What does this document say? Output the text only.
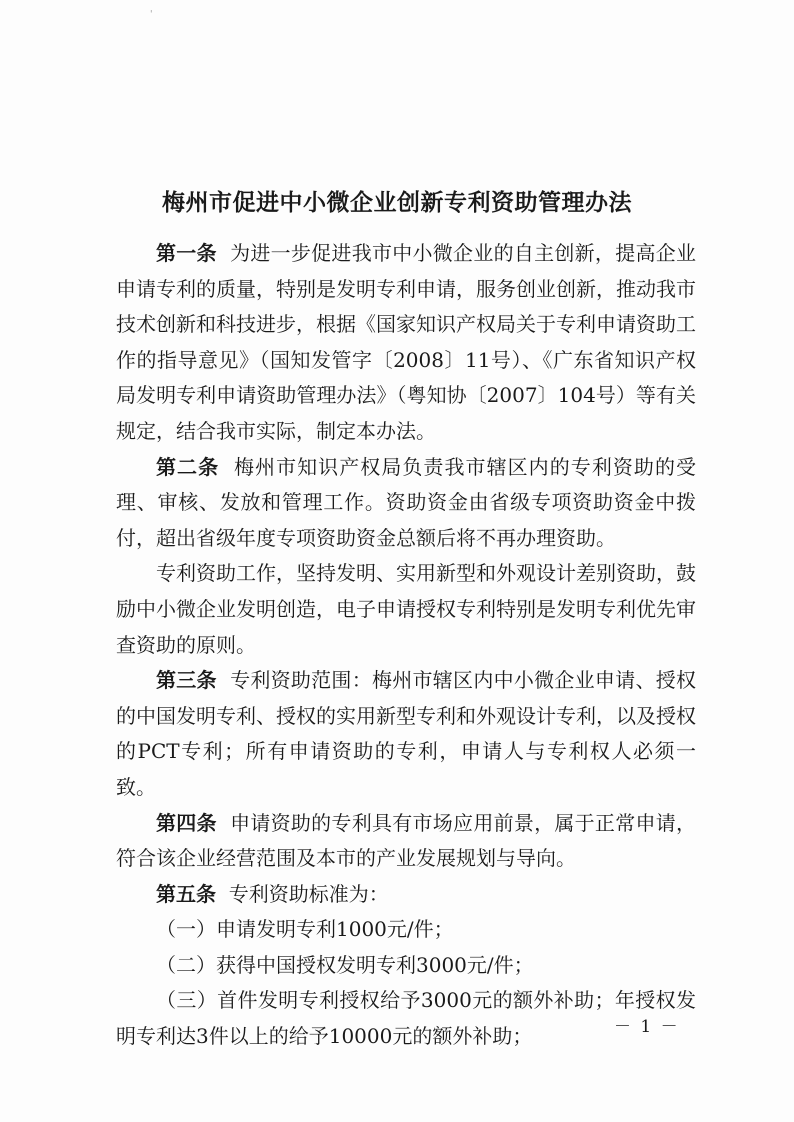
'
梅州市促进中小微企业创新专利资助管理办法

第一条 为进一步促进我市中小微企业的自主创新，提高企业申请专利的质量，特别是发明专利申请，服务创业创新，推动我市技术创新和科技进步，根据《国家知识产权局关于专利申请资助工作的指导意见》（国知发管字〔2008〕11号）、《广东省知识产权局发明专利申请资助管理办法》（粤知协〔2007〕104号）等有关规定，结合我市实际，制定本办法。

第二条 梅州市知识产权局负责我市辖区内的专利资助的受理、审核、发放和管理工作。资助资金由省级专项资助资金中拨付，超出省级年度专项资助资金总额后将不再办理资助。

专利资助工作，坚持发明、实用新型和外观设计差别资助，鼓励中小微企业发明创造，电子申请授权专利特别是发明专利优先审查资助的原则。

第三条 专利资助范围：梅州市辖区内中小微企业申请、授权的中国发明专利、授权的实用新型专利和外观设计专利，以及授权的PCT专利；所有申请资助的专利，申请人与专利权人必须一致。

第四条 申请资助的专利具有市场应用前景，属于正常申请，符合该企业经营范围及本市的产业发展规划与导向。

第五条 专利资助标准为：

（一）申请发明专利1000元/件；

（二）获得中国授权发明专利3000元/件；

（三）首件发明专利授权给予3000元的额外补助；年授权发明专利达3件以上的给予10000元的额外补助；	－ 1 －
